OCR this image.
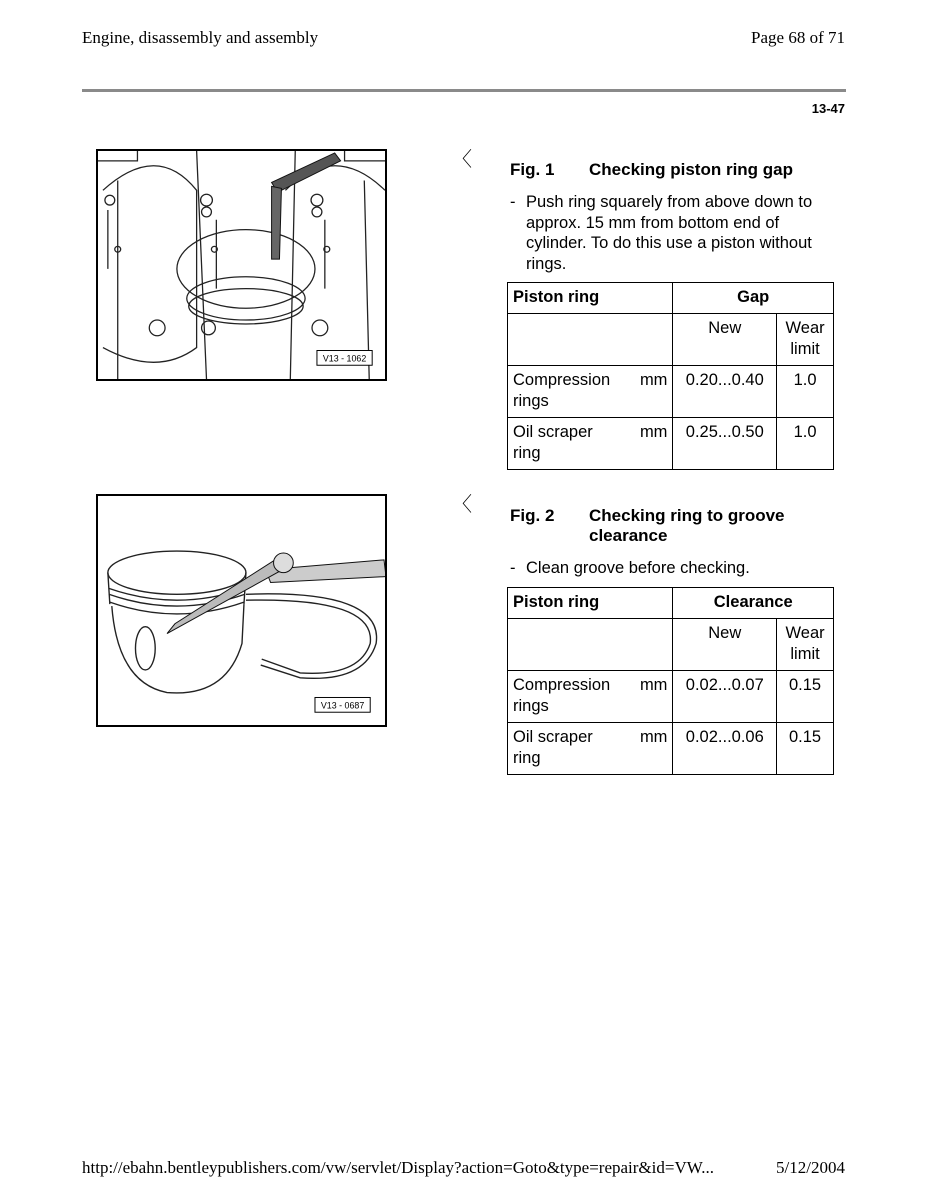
Engine, disassembly and assembly	Page 68 of 71
13-47
V13 - 1062
〈 Fig. 1 Checking piston ring gap
- Push ring squarely from above down to approx. 15 mm from bottom end of cylinder. To do this use a piston without rings.
Piston ring	Gap	
	New	Wear limit

Compression rings
mm	0.20...0.40	1.0

Oil scraper ring
mm	0.25...0.50	1.0
V13 - 0687
〈 Fig. 2 Checking ring to groove clearance
- Clean groove before checking.
Piston ring	Clearance	
	New	Wear limit

Compression rings
mm	0.02...0.07	0.15

Oil scraper ring
mm	0.02...0.06	0.15
http://ebahn.bentleypublishers.com/vw/servlet/Display?action=Goto&type=repair&id=VW...	5/12/2004
